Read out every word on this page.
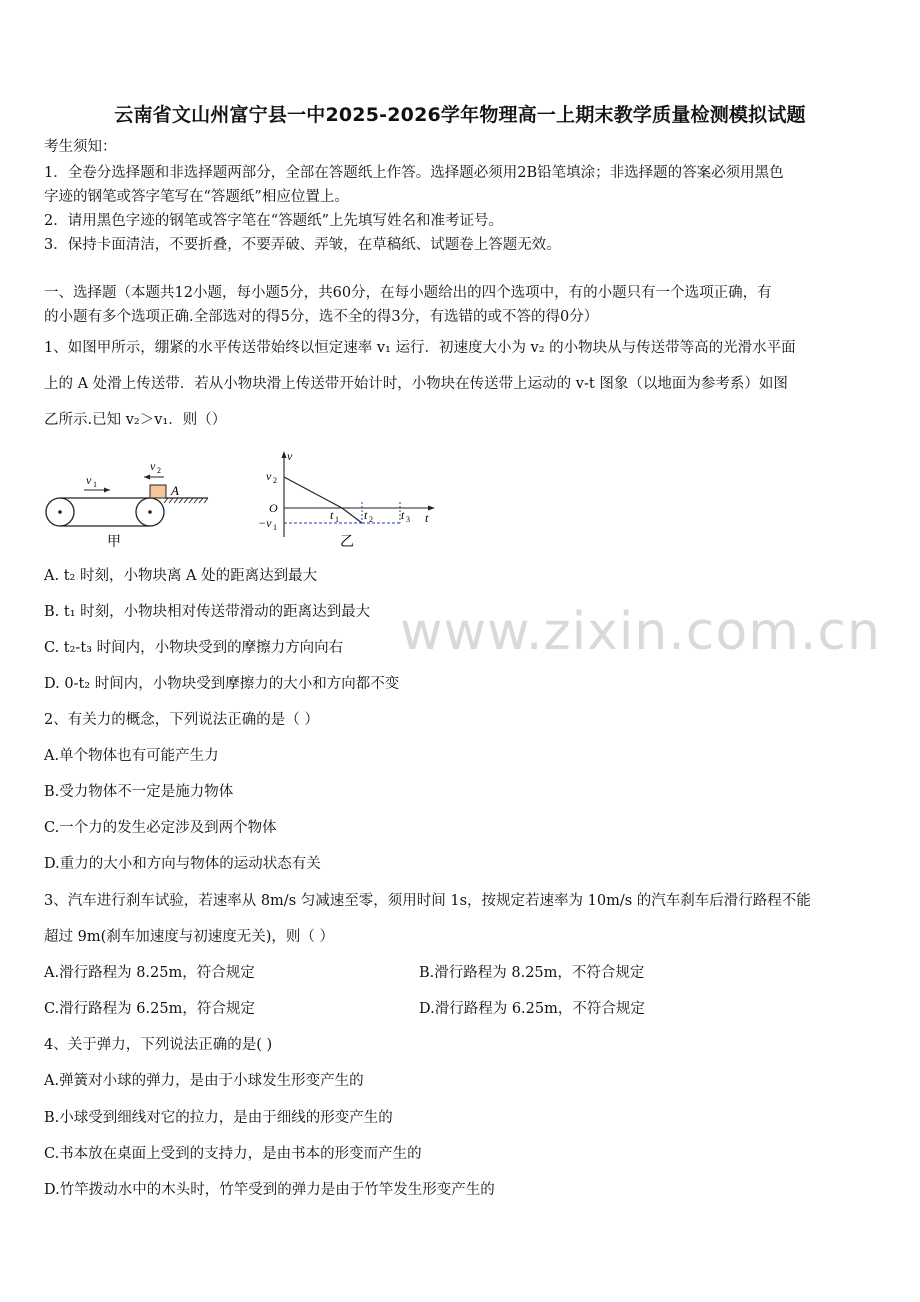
www.zixin.com.cn
云南省文山州富宁县一中2025-2026学年物理高一上期末教学质量检测模拟试题
考生须知：
1．全卷分选择题和非选择题两部分，全部在答题纸上作答。选择题必须用2B铅笔填涂；非选择题的答案必须用黑色
字迹的钢笔或答字笔写在“答题纸”相应位置上。
2．请用黑色字迹的钢笔或答字笔在“答题纸”上先填写姓名和准考证号。
3．保持卡面清洁，不要折叠，不要弄破、弄皱，在草稿纸、试题卷上答题无效。
一、选择题（本题共12小题，每小题5分，共60分，在每小题给出的四个选项中，有的小题只有一个选项正确，有
的小题有多个选项正确.全部选对的得5分，选不全的得3分，有选错的或不答的得0分）
1、如图甲所示，绷紧的水平传送带始终以恒定速率 v₁ 运行．初速度大小为 v₂ 的小物块从与传送带等高的光滑水平面
上的 A 处滑上传送带．若从小物块滑上传送带开始计时，小物块在传送带上运动的 v-t 图象（以地面为参考系）如图
乙所示.已知 v₂＞v₁．则（）
v 1
v 2
A
甲
v
t
v 2
O
−v 1
t 1 t 2 t 3
乙
A. t₂ 时刻，小物块离 A 处的距离达到最大
B. t₁ 时刻，小物块相对传送带滑动的距离达到最大
C. t₂-t₃ 时间内，小物块受到的摩擦力方向向右
D. 0-t₂ 时间内，小物块受到摩擦力的大小和方向都不变
2、有关力的概念，下列说法正确的是（ ）
A.单个物体也有可能产生力
B.受力物体不一定是施力物体
C.一个力的发生必定涉及到两个物体
D.重力的大小和方向与物体的运动状态有关
3、汽车进行刹车试验，若速率从 8m/s 匀减速至零，须用时间 1s，按规定若速率为 10m/s 的汽车刹车后滑行路程不能
超过 9m(刹车加速度与初速度无关)，则（ ）
A.滑行路程为 8.25m，符合规定	B.滑行路程为 8.25m，不符合规定
C.滑行路程为 6.25m，符合规定	D.滑行路程为 6.25m，不符合规定
4、关于弹力，下列说法正确的是( )
A.弹簧对小球的弹力，是由于小球发生形变产生的
B.小球受到细线对它的拉力，是由于细线的形变产生的
C.书本放在桌面上受到的支持力，是由书本的形变而产生的
D.竹竿拨动水中的木头时，竹竿受到的弹力是由于竹竿发生形变产生的
